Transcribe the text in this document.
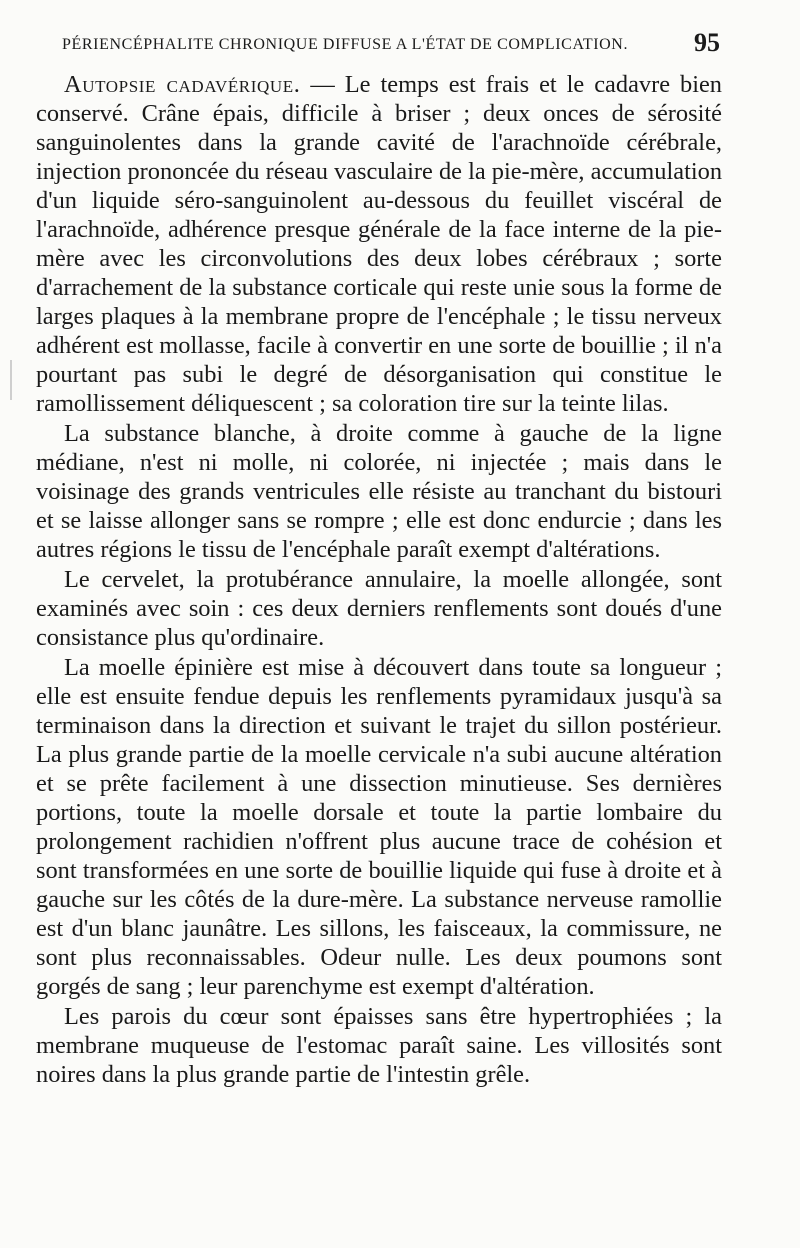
PÉRIENCÉPHALITE CHRONIQUE DIFFUSE A L'ÉTAT DE COMPLICATION.	95

Autopsie cadavérique. — Le temps est frais et le cadavre bien conservé. Crâne épais, difficile à briser ; deux onces de sérosité sanguinolentes dans la grande cavité de l'arachnoïde cérébrale, injection prononcée du réseau vasculaire de la pie-mère, accumulation d'un liquide séro-sanguinolent au-dessous du feuillet viscéral de l'arachnoïde, adhérence presque générale de la face interne de la pie-mère avec les circonvolutions des deux lobes cérébraux ; sorte d'arrachement de la substance corticale qui reste unie sous la forme de larges plaques à la membrane propre de l'encéphale ; le tissu nerveux adhérent est mollasse, facile à convertir en une sorte de bouillie ; il n'a pourtant pas subi le degré de désorganisation qui constitue le ramollissement déliquescent ; sa coloration tire sur la teinte lilas.

La substance blanche, à droite comme à gauche de la ligne médiane, n'est ni molle, ni colorée, ni injectée ; mais dans le voisinage des grands ventricules elle résiste au tranchant du bistouri et se laisse allonger sans se rompre ; elle est donc endurcie ; dans les autres régions le tissu de l'encéphale paraît exempt d'altérations.

Le cervelet, la protubérance annulaire, la moelle allongée, sont examinés avec soin : ces deux derniers renflements sont doués d'une consistance plus qu'ordinaire.

La moelle épinière est mise à découvert dans toute sa longueur ; elle est ensuite fendue depuis les renflements pyramidaux jusqu'à sa terminaison dans la direction et suivant le trajet du sillon postérieur. La plus grande partie de la moelle cervicale n'a subi aucune altération et se prête facilement à une dissection minutieuse. Ses dernières portions, toute la moelle dorsale et toute la partie lombaire du prolongement rachidien n'offrent plus aucune trace de cohésion et sont transformées en une sorte de bouillie liquide qui fuse à droite et à gauche sur les côtés de la dure-mère. La substance nerveuse ramollie est d'un blanc jaunâtre. Les sillons, les faisceaux, la commissure, ne sont plus reconnaissables. Odeur nulle. Les deux poumons sont gorgés de sang ; leur parenchyme est exempt d'altération.

Les parois du cœur sont épaisses sans être hypertrophiées ; la membrane muqueuse de l'estomac paraît saine. Les villosités sont noires dans la plus grande partie de l'intestin grêle.
